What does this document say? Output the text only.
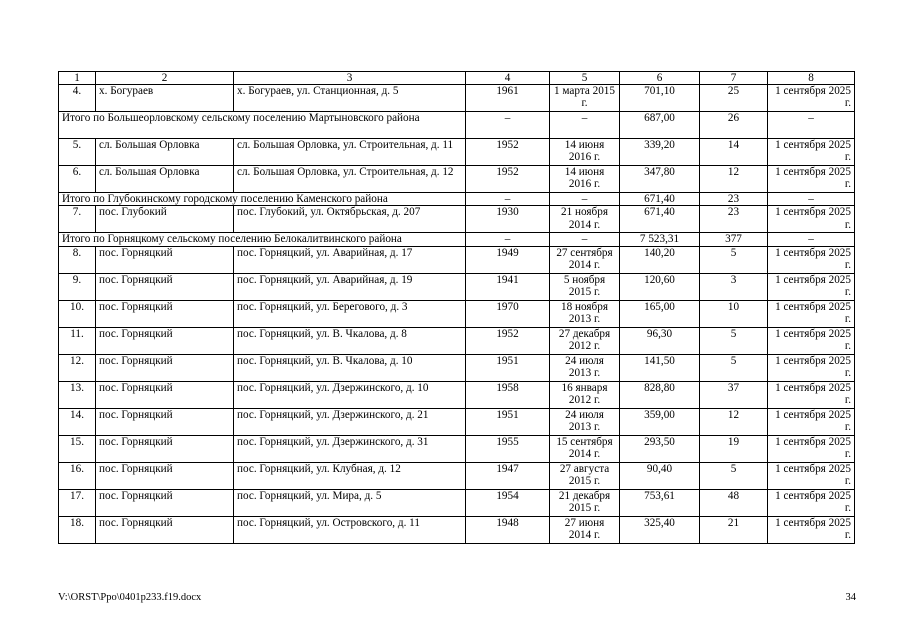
1	2	3	4	5	6	7	8
4.	х. Богураев	х. Богураев, ул. Станционная, д. 5	1961	1 марта 2015 г.	701,10	25	1 сентября 2025 г.
Итого по Большеорловскому сельскому поселению Мартыновского района			–	–	687,00	26	–
5.	сл. Большая Орловка	сл. Большая Орловка, ул. Строительная, д. 11	1952	14 июня 2016 г.	339,20	14	1 сентября 2025 г.
6.	сл. Большая Орловка	сл. Большая Орловка, ул. Строительная, д. 12	1952	14 июня 2016 г.	347,80	12	1 сентября 2025 г.
Итого по Глубокинскому городскому поселению Каменского района			–	–	671,40	23	–
7.	пос. Глубокий	пос. Глубокий, ул. Октябрьская, д. 207	1930	21 ноября 2014 г.	671,40	23	1 сентября 2025 г.
Итого по Горняцкому сельскому поселению Белокалитвинского района			–	–	7 523,31	377	–
8.	пос. Горняцкий	пос. Горняцкий, ул. Аварийная, д. 17	1949	27 сентября 2014 г.	140,20	5	1 сентября 2025 г.
9.	пос. Горняцкий	пос. Горняцкий, ул. Аварийная, д. 19	1941	5 ноября 2015 г.	120,60	3	1 сентября 2025 г.
10.	пос. Горняцкий	пос. Горняцкий, ул. Берегового, д. 3	1970	18 ноября 2013 г.	165,00	10	1 сентября 2025 г.
11.	пос. Горняцкий	пос. Горняцкий, ул. В. Чкалова, д. 8	1952	27 декабря 2012 г.	96,30	5	1 сентября 2025 г.
12.	пос. Горняцкий	пос. Горняцкий, ул. В. Чкалова, д. 10	1951	24 июля 2013 г.	141,50	5	1 сентября 2025 г.
13.	пос. Горняцкий	пос. Горняцкий, ул. Дзержинского, д. 10	1958	16 января 2012 г.	828,80	37	1 сентября 2025 г.
14.	пос. Горняцкий	пос. Горняцкий, ул. Дзержинского, д. 21	1951	24 июля 2013 г.	359,00	12	1 сентября 2025 г.
15.	пос. Горняцкий	пос. Горняцкий, ул. Дзержинского, д. 31	1955	15 сентября 2014 г.	293,50	19	1 сентября 2025 г.
16.	пос. Горняцкий	пос. Горняцкий, ул. Клубная, д. 12	1947	27 августа 2015 г.	90,40	5	1 сентября 2025 г.
17.	пос. Горняцкий	пос. Горняцкий, ул. Мира, д. 5	1954	21 декабря 2015 г.	753,61	48	1 сентября 2025 г.
18.	пос. Горняцкий	пос. Горняцкий, ул. Островского, д. 11	1948	27 июня 2014 г.	325,40	21	1 сентября 2025 г.
V:\ORST\Ppo\0401p233.f19.docx	34
